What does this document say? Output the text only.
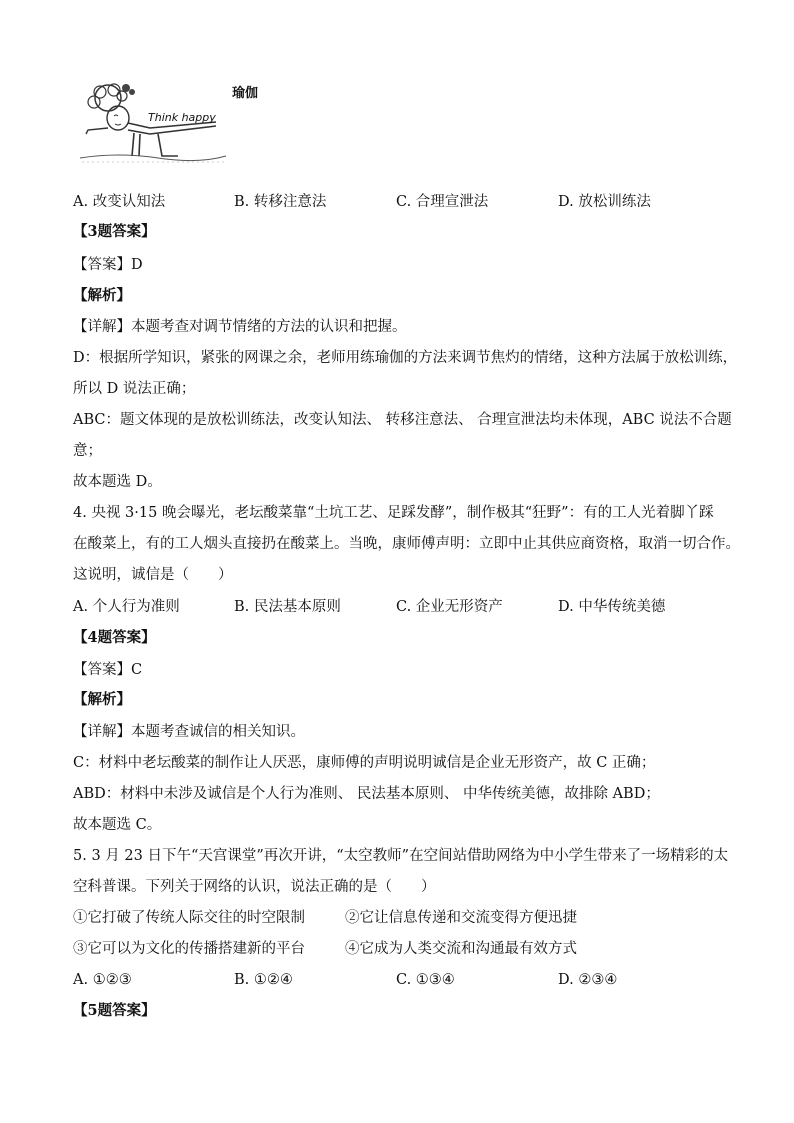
Think happy
瑜伽
A. 改变认知法	B. 转移注意法	C. 合理宣泄法	D. 放松训练法
【3题答案】
【答案】D
【解析】
【详解】本题考查对调节情绪的方法的认识和把握。
D：根据所学知识，紧张的网课之余，老师用练瑜伽的方法来调节焦灼的情绪，这种方法属于放松训练，
所以 D 说法正确；
ABC：题文体现的是放松训练法，改变认知法、 转移注意法、 合理宣泄法均未体现，ABC 说法不合题
意；
故本题选 D。
4. 央视 3·15 晚会曝光，老坛酸菜靠“土坑工艺、足踩发酵”，制作极其“狂野”：有的工人光着脚丫踩
在酸菜上，有的工人烟头直接扔在酸菜上。当晚，康师傅声明：立即中止其供应商资格，取消一切合作。
这说明，诚信是（　　）
A. 个人行为准则	B. 民法基本原则	C. 企业无形资产	D. 中华传统美德
【4题答案】
【答案】C
【解析】
【详解】本题考查诚信的相关知识。
C：材料中老坛酸菜的制作让人厌恶，康师傅的声明说明诚信是企业无形资产，故 C 正确；
ABD：材料中未涉及诚信是个人行为准则、 民法基本原则、 中华传统美德，故排除 ABD；
故本题选 C。
5. 3 月 23 日下午“天宫课堂”再次开讲，“太空教师”在空间站借助网络为中小学生带来了一场精彩的太
空科普课。下列关于网络的认识，说法正确的是（　　）
①它打破了传统人际交往的时空限制	②它让信息传递和交流变得方便迅捷
③它可以为文化的传播搭建新的平台	④它成为人类交流和沟通最有效方式
A. ①②③	B. ①②④	C. ①③④	D. ②③④
【5题答案】
